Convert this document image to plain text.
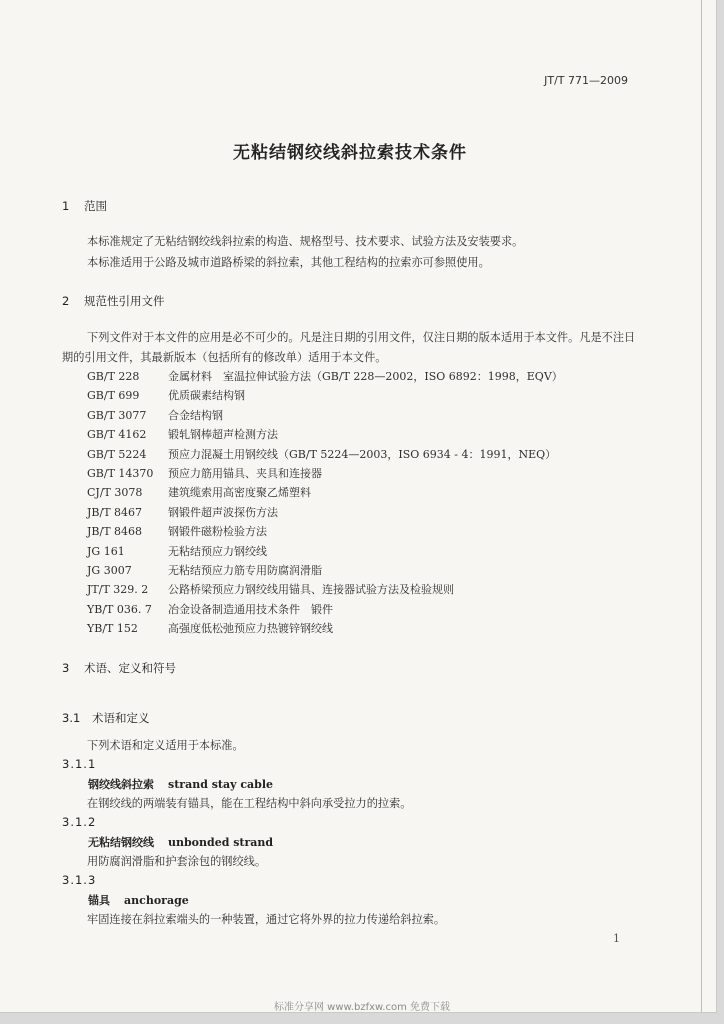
JT/T 771—2009
无粘结钢绞线斜拉索技术条件
1 范围
本标准规定了无粘结钢绞线斜拉索的构造、规格型号、技术要求、试验方法及安装要求。
本标准适用于公路及城市道路桥梁的斜拉索，其他工程结构的拉索亦可参照使用。
2 规范性引用文件
下列文件对于本文件的应用是必不可少的。凡是注日期的引用文件，仅注日期的版本适用于本文件。凡是不注日期的引用文件，其最新版本（包括所有的修改单）适用于本文件。
GB/T 228	金属材料　室温拉伸试验方法（GB/T 228—2002，ISO 6892：1998，EQV）
GB/T 699	优质碳素结构钢
GB/T 3077 合金结构钢
GB/T 4162 锻轧钢棒超声检测方法
GB/T 5224 预应力混凝土用钢绞线（GB/T 5224—2003，ISO 6934 - 4：1991，NEQ）
GB/T 14370 预应力筋用锚具、夹具和连接器
CJ/T 3078 建筑缆索用高密度聚乙烯塑料
JB/T 8467 钢锻件超声波探伤方法
JB/T 8468 钢锻件磁粉检验方法
JG 161	无粘结预应力钢绞线
JG 3007	无粘结预应力筋专用防腐润滑脂
JT/T 329. 2 公路桥梁预应力钢绞线用锚具、连接器试验方法及检验规则
YB/T 036. 7 冶金设备制造通用技术条件　锻件
YB/T 152	高强度低松弛预应力热镀锌钢绞线
3 术语、定义和符号
3.1 术语和定义
下列术语和定义适用于本标准。
3.1.1
钢绞线斜拉索 strand stay cable
在钢绞线的两端装有锚具，能在工程结构中斜向承受拉力的拉索。
3.1.2
无粘结钢绞线 unbonded strand
用防腐润滑脂和护套涂包的钢绞线。
3.1.3
锚具 anchorage
牢固连接在斜拉索端头的一种装置，通过它将外界的拉力传递给斜拉索。
1
标准分享网 www.bzfxw.com 免费下载
